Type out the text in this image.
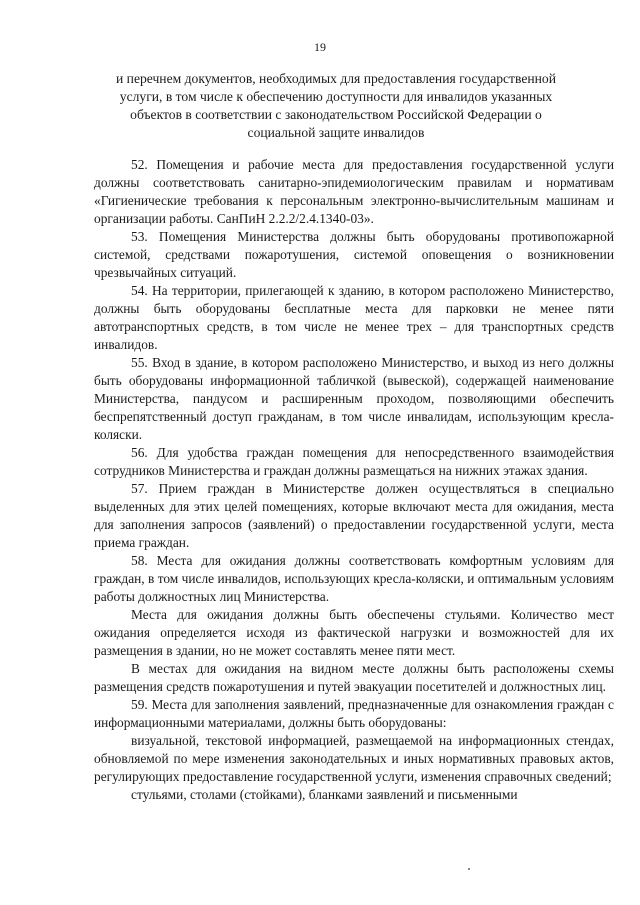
19
и перечнем документов, необходимых для предоставления государственной услуги, в том числе к обеспечению доступности для инвалидов указанных объектов в соответствии с законодательством Российской Федерации о социальной защите инвалидов

52. Помещения и рабочие места для предоставления государственной услуги должны соответствовать санитарно-эпидемиологическим правилам и нормативам «Гигиенические требования к персональным электронно-вычислительным машинам и организации работы. СанПиН 2.2.2/2.4.1340-03».

53. Помещения Министерства должны быть оборудованы противопожарной системой, средствами пожаротушения, системой оповещения о возникновении чрезвычайных ситуаций.

54. На территории, прилегающей к зданию, в котором расположено Министерство, должны быть оборудованы бесплатные места для парковки не менее пяти автотранспортных средств, в том числе не менее трех – для транспортных средств инвалидов.

55. Вход в здание, в котором расположено Министерство, и выход из него должны быть оборудованы информационной табличкой (вывеской), содержащей наименование Министерства, пандусом и расширенным проходом, позволяющими обеспечить беспрепятственный доступ гражданам, в том числе инвалидам, использующим кресла-коляски.

56. Для удобства граждан помещения для непосредственного взаимодействия сотрудников Министерства и граждан должны размещаться на нижних этажах здания.

57. Прием граждан в Министерстве должен осуществляться в специально выделенных для этих целей помещениях, которые включают места для ожидания, места для заполнения запросов (заявлений) о предоставлении государственной услуги, места приема граждан.

58. Места для ожидания должны соответствовать комфортным условиям для граждан, в том числе инвалидов, использующих кресла-коляски, и оптимальным условиям работы должностных лиц Министерства.

Места для ожидания должны быть обеспечены стульями. Количество мест ожидания определяется исходя из фактической нагрузки и возможностей для их размещения в здании, но не может составлять менее пяти мест.

В местах для ожидания на видном месте должны быть расположены схемы размещения средств пожаротушения и путей эвакуации посетителей и должностных лиц.

59. Места для заполнения заявлений, предназначенные для ознакомления граждан с информационными материалами, должны быть оборудованы:

визуальной, текстовой информацией, размещаемой на информационных стендах, обновляемой по мере изменения законодательных и иных нормативных правовых актов, регулирующих предоставление государственной услуги, изменения справочных сведений;

стульями, столами (стойками), бланками заявлений и письменными
